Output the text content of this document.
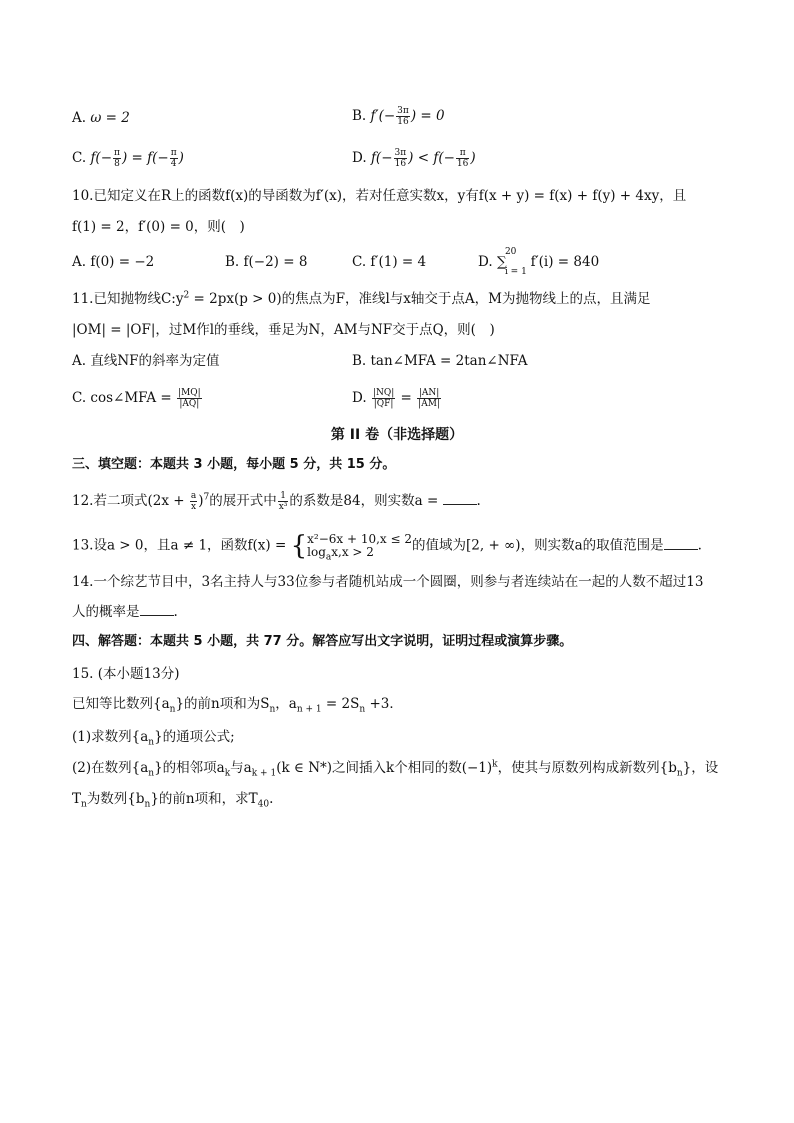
A. ω = 2	B. $f'(- \frac{3\pi}{16}$ ) = 0
C. $f(- \frac{\pi}{8}$ ) = $f(- \frac{\pi}{4}$ )	D. $f(- \frac{3\pi}{16}$ ) < $f(- \frac{\pi}{16}$ )
10.已知定义在R上的函数f(x)的导函数为f′(x)，若对任意实数x，y有f(x + y) = f(x) + f(y) + 4xy，且
f(1) = 2，f′(0) = 0，则(　)
A. f(0) = −2	B. f(−2) = 8	C. f′(1) = 4	D. ∑
20
i = 1
f′(i) = 840
11.已知抛物线$C:y^2 = 2px(p > 0)$的焦点为F，准线l与x轴交于点A，M为抛物线上的点，且满足
|OM| = |OF|，过M作l的垂线，垂足为N，AM与NF交于点Q，则(　)
A. 直线NF的斜率为定值	B. tan∠MFA = 2tan∠NFA
C. cos∠MFA = $\frac{|MQ|}{|AQ|}$	D. $\frac{|NQ|}{|QF|} = \frac{|AN|}{|AM|}$
第 II 卷（非选择题）
三、填空题：本题共 3 小题，每小题 5 分，共 15 分。
12.若二项式$(2x + \frac{a}{x} )^7$的展开式中 $\frac{1}{\text{x³}}$ 的系数是84，则实数a =	.
13.设a > 0，且a ≠ 1，函数f(x) = { x²−6x + 10,x ≤ 2
$\log_ax,x > 2$	的值域为[2, + ∞)，则实数a的取值范围是	.
14.一个综艺节目中，3名主持人与33位参与者随机站成一个圆圈，则参与者连续站在一起的人数不超过13
人的概率是	.
四、解答题：本题共 5 小题，共 77 分。解答应写出文字说明，证明过程或演算步骤。
15. (本小题13分)
已知等比数列$\{a_n\}$的前n项和为$S_n$，$a_{n + 1} = 2S_n +3$．
(1)求数列$\{a_n\}$的通项公式;
(2)在数列$\{a_n\}$的相邻项$a_k$与$a_{k + 1}(k$ ∈ N*)之间插入k个相同的数$(-1)^k$，使其与原数列构成新数列$\{b_n\}$，设
$T_n$为数列$\{b_n\}$的前n项和，求$T_{40}$.
